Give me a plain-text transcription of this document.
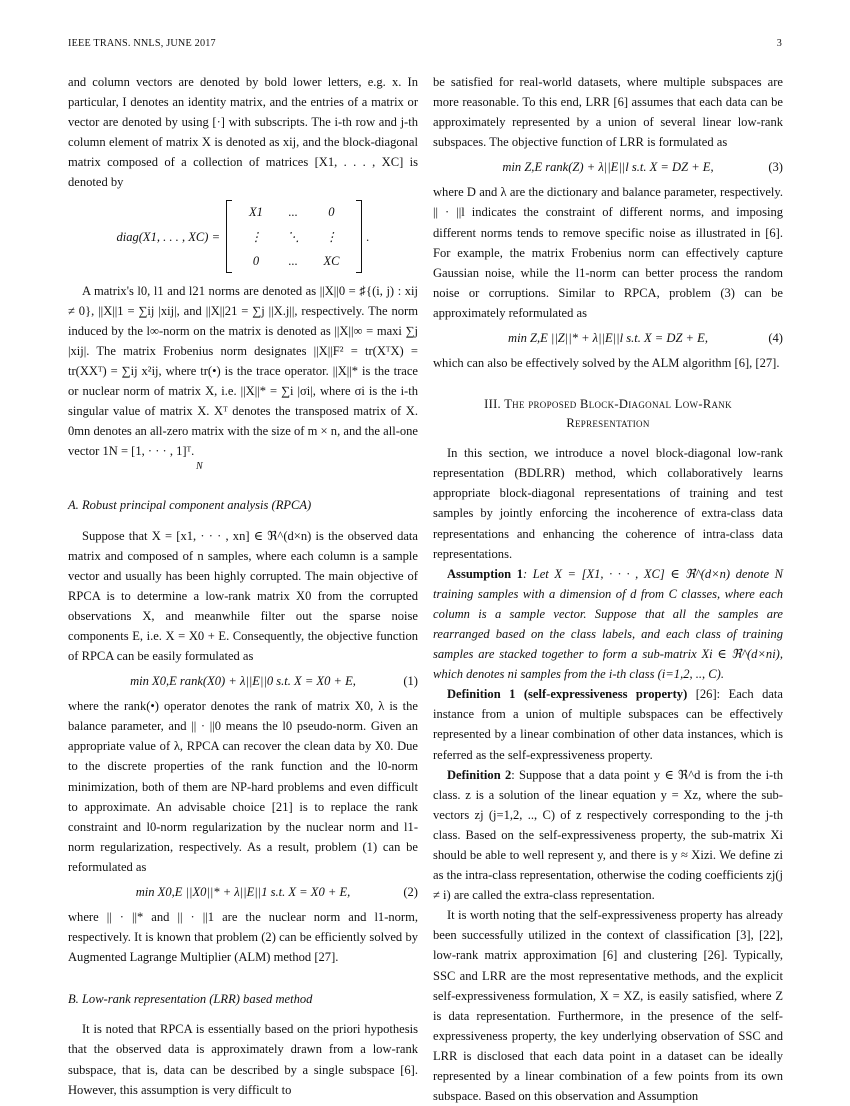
IEEE TRANS. NNLS, JUNE 2017	3

and column vectors are denoted by bold lower letters, e.g. x. In particular, I denotes an identity matrix, and the entries of a matrix or vector are denoted by using [·] with subscripts. The i-th row and j-th column element of matrix X is denoted as xij, and the block-diagonal matrix composed of a collection of matrices [X1, . . . , XC] is denoted by

diag(X1, . . . , XC) =
X1	...	0
⋮	⋱	⋮
0	...	XC
.

A matrix's l0, l1 and l21 norms are denoted as ||X||0 = ♯{(i, j) : xij ≠ 0}, ||X||1 = ∑ij |xij|, and ||X||21 = ∑j ||X.j||, respectively. The norm induced by the l∞-norm on the matrix is denoted as ||X||∞ = maxi ∑j |xij|. The matrix Frobenius norm designates ||X||F² = tr(XᵀX) = tr(XXᵀ) = ∑ij x²ij, where tr(•) is the trace operator. ||X||* is the trace or nuclear norm of matrix X, i.e. ||X||* = ∑i |σi|, where σi is the i-th singular value of matrix X. Xᵀ denotes the transposed matrix of X. 0mn denotes an all-zero matrix with the size of m × n, and the all-one vector 1N = [1, · · · , 1]ᵀ.

N

A. Robust principal component analysis (RPCA)

Suppose that X = [x1, · · · , xn] ∈ ℜ^(d×n) is the observed data matrix and composed of n samples, where each column is a sample vector and usually has been highly corrupted. The main objective of RPCA is to determine a low-rank matrix X0 from the corrupted observations X, and meanwhile filter out the sparse noise components E, i.e. X = X0 + E. Consequently, the objective function of RPCA can be easily formulated as

min X0,E rank(X0) + λ||E||0 s.t. X = X0 + E,	(1)

where the rank(•) operator denotes the rank of matrix X0, λ is the balance parameter, and || · ||0 means the l0 pseudo-norm. Given an appropriate value of λ, RPCA can recover the clean data by X0. Due to the discrete properties of the rank function and the l0-norm minimization, both of them are NP-hard problems and even difficult to approximate. An advisable choice [21] is to replace the rank constraint and l0-norm regularization by the nuclear norm and l1-norm regularization, respectively. As a result, problem (1) can be reformulated as

min X0,E ||X0||* + λ||E||1 s.t. X = X0 + E,	(2)

where || · ||* and || · ||1 are the nuclear norm and l1-norm, respectively. It is known that problem (2) can be efficiently solved by Augmented Lagrange Multiplier (ALM) method [27].

B. Low-rank representation (LRR) based method

It is noted that RPCA is essentially based on the priori hypothesis that the observed data is approximately drawn from a low-rank subspace, that is, data can be described by a single subspace [6]. However, this assumption is very difficult to

be satisfied for real-world datasets, where multiple subspaces are more reasonable. To this end, LRR [6] assumes that each data can be approximately represented by a union of several linear low-rank subspaces. The objective function of LRR is formulated as

min Z,E rank(Z) + λ||E||l s.t. X = DZ + E,	(3)

where D and λ are the dictionary and balance parameter, respectively. || · ||l indicates the constraint of different norms, and imposing different norms tends to remove specific noise as illustrated in [6]. For example, the matrix Frobenius norm can effectively capture Gaussian noise, while the l1-norm can better process the random noise or corruptions. Similar to RPCA, problem (3) can be approximately reformulated as

min Z,E ||Z||* + λ||E||l s.t. X = DZ + E,	(4)

which can also be effectively solved by the ALM algorithm [6], [27].

III. The proposed Block-Diagonal Low-Rank

Representation

In this section, we introduce a novel block-diagonal low-rank representation (BDLRR) method, which collaboratively learns appropriate block-diagonal representations of training and test samples by jointly enforcing the incoherence of extra-class data representations and enhancing the coherence of intra-class data representations.

Assumption 1: Let X = [X1, · · · , XC] ∈ ℜ^(d×n) denote N training samples with a dimension of d from C classes, where each column is a sample vector. Suppose that all the samples are rearranged based on the class labels, and each class of training samples are stacked together to form a sub-matrix Xi ∈ ℜ^(d×ni), which denotes ni samples from the i-th class (i=1,2, .., C).

Definition 1 (self-expressiveness property) [26]: Each data instance from a union of multiple subspaces can be effectively represented by a linear combination of other data instances, which is referred as the self-expressiveness property.

Definition 2: Suppose that a data point y ∈ ℜ^d is from the i-th class. z is a solution of the linear equation y = Xz, where the sub- vectors zj (j=1,2, .., C) of z respectively corresponding to the j-th class. Based on the self-expressiveness property, the sub-matrix Xi should be able to well represent y, and there is y ≈ Xizi. We define zi as the intra-class representation, otherwise the coding coefficients zj(j ≠ i) are called the extra-class representation.

It is worth noting that the self-expressiveness property has already been successfully utilized in the context of classification [3], [22], low-rank matrix approximation [6] and clustering [26]. Typically, SSC and LRR are the most representative methods, and the explicit self-expressiveness formulation, X = XZ, is easily satisfied, where Z is data representation. Furthermore, in the presence of the self-expressiveness property, the key underlying observation of SSC and LRR is disclosed that each data point in a dataset can be ideally represented by a linear combination of a few points from its own subspace. Based on this observation and Assumption
